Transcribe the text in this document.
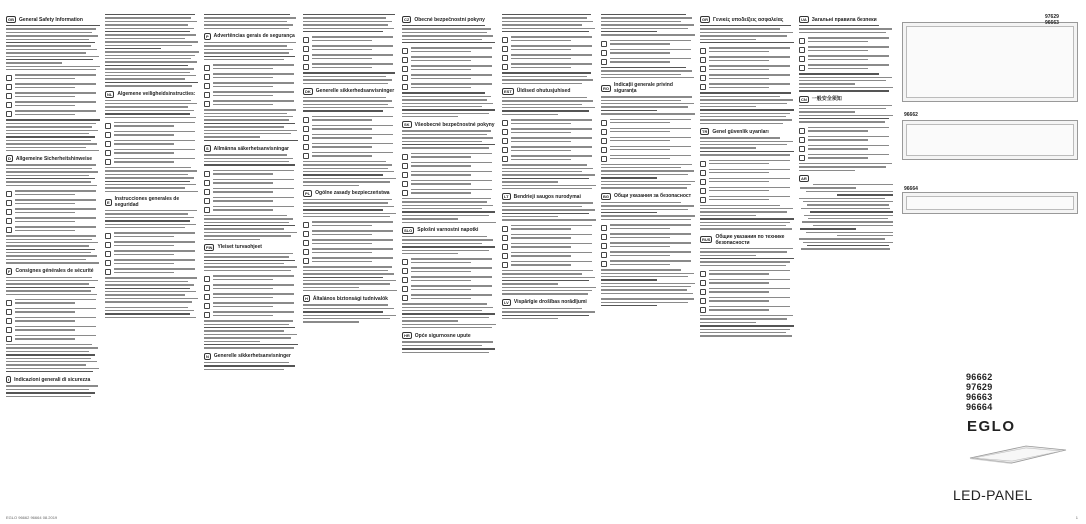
GB	General Safety Information
D	Allgemeine Sicherheitshinweise
F	Consignes générales de sécurité
I	Indicazioni generali di sicurezza
NL	Algemene veiligheidsinstructies:
E	Instrucciones generales de seguridad
P	Advertências gerais de segurança
S	Allmänna säkerhetsanvisningar
FIN	Yleiset turvaohjeet
N	Generelle sikkerhetsanvisninger
DK	Generelle sikkerhedsanvisninger
PL	Ogólne zasady bezpieczeństwa
H	Általános biztonsági tudnivalók
CZ	Obecné bezpečnostní pokyny
SK	Všeobecné bezpečnostné pokyny
SLO	Splošni varnostni napotki
HR	Opće sigurnosne upute
EST	Üldised ohutusjuhised
LT	Bendrieji saugos nurodymai
LV	Vispārīgie drošības norādījumi
RO	Indicații generale privind siguranța
BG	Общи указания за безопасност
GR	Γενικές υποδείξεις ασφαλείας
TR	Genel güvenlik uyarıları
RUS	Общие указания по технике безопасности
UA	Загальні правила безпеки
CN	一般安全须知
AR
97629
96663
96662
96664
96662
97629
96663
96664
EGLO
LED-PANEL
EGLO 96662 96664 08.2019	1
